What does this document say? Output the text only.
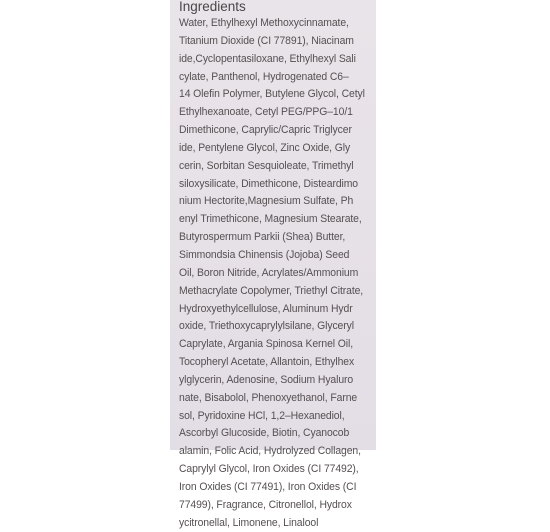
Ingredients
Water, Ethylhexyl Methoxycinnamate,
Titanium Dioxide (CI 77891), Niacinam
ide,Cyclopentasiloxane, Ethylhexyl Sali
cylate, Panthenol, Hydrogenated C6–
14 Olefin Polymer, Butylene Glycol, Cetyl
Ethylhexanoate, Cetyl PEG/PPG–10/1
Dimethicone, Caprylic/Capric Triglycer
ide, Pentylene Glycol, Zinc Oxide, Gly
cerin, Sorbitan Sesquioleate, Trimethyl
siloxysilicate, Dimethicone, Disteardimo
nium Hectorite,Magnesium Sulfate, Ph
enyl Trimethicone, Magnesium Stearate,
Butyrospermum Parkii (Shea) Butter,
Simmondsia Chinensis (Jojoba) Seed
Oil, Boron Nitride, Acrylates/Ammonium
Methacrylate Copolymer, Triethyl Citrate,
Hydroxyethylcellulose, Aluminum Hydr
oxide, Triethoxycaprylylsilane, Glyceryl
Caprylate, Argania Spinosa Kernel Oil,
Tocopheryl Acetate, Allantoin, Ethylhex
ylglycerin, Adenosine, Sodium Hyaluro
nate, Bisabolol, Phenoxyethanol, Farne
sol, Pyridoxine HCl, 1,2–Hexanediol,
Ascorbyl Glucoside, Biotin, Cyanocob
alamin, Folic Acid, Hydrolyzed Collagen,
Caprylyl Glycol, Iron Oxides (CI 77492),
Iron Oxides (CI 77491), Iron Oxides (CI
77499), Fragrance, Citronellol, Hydrox
ycitronellal, Limonene, Linalool
